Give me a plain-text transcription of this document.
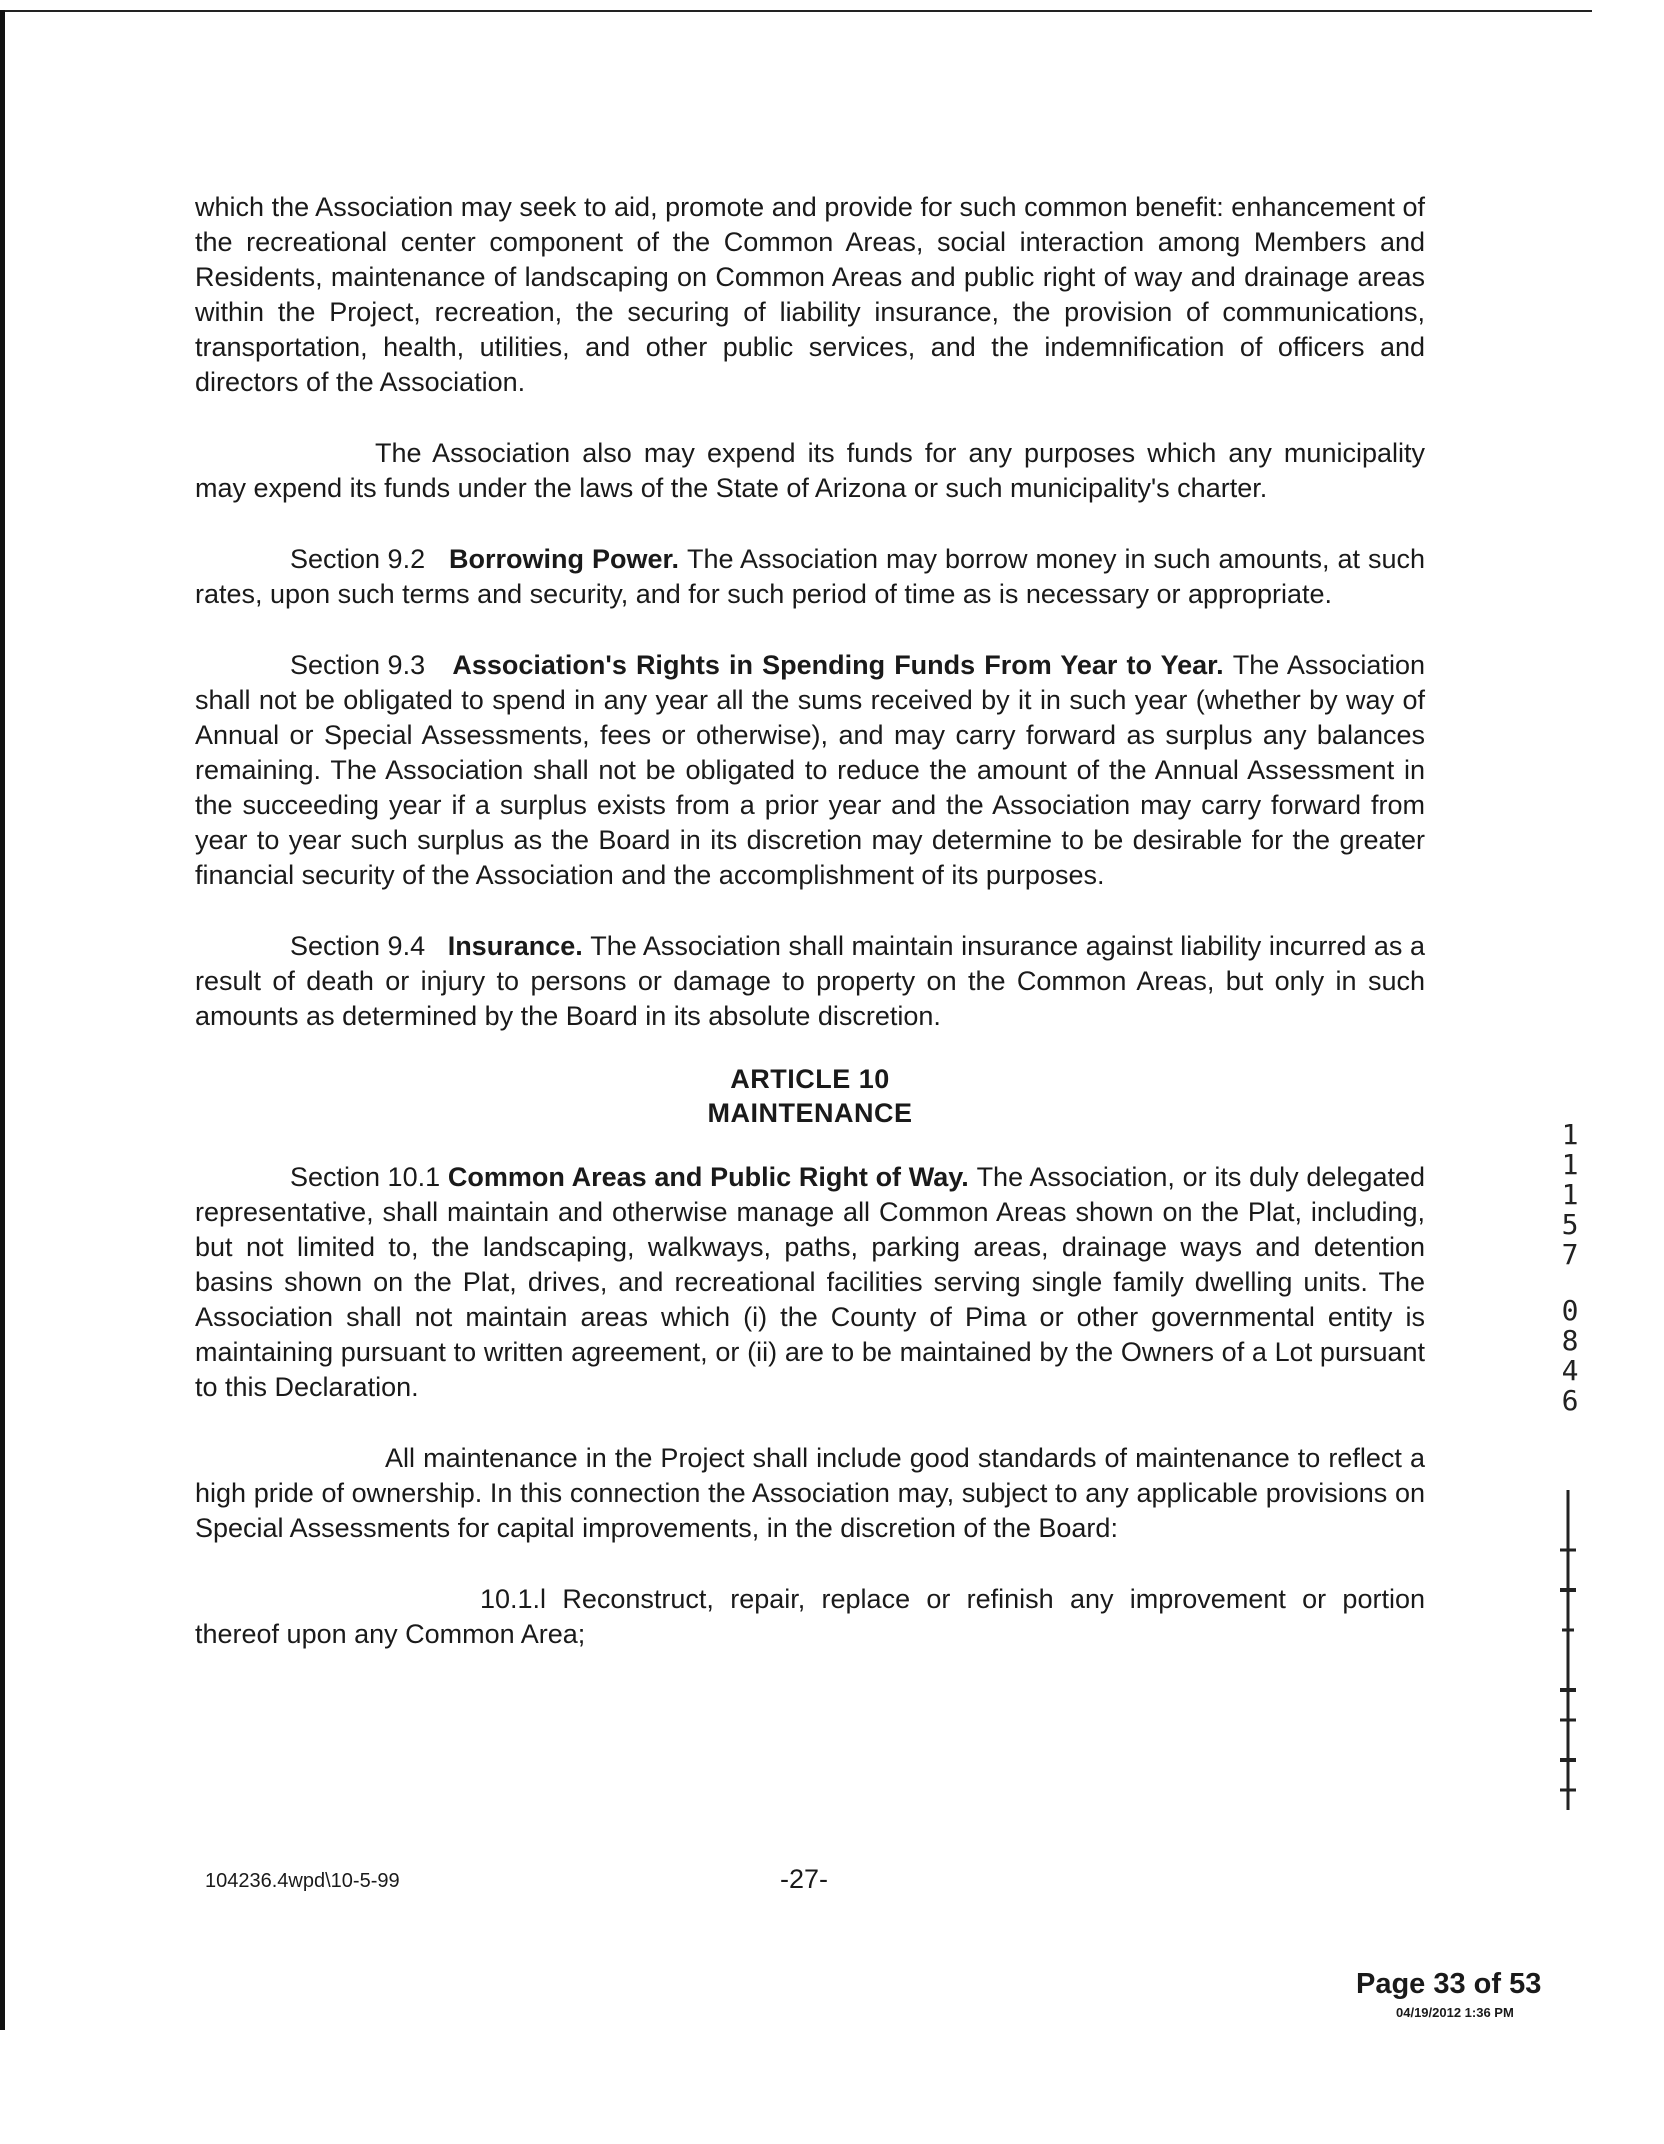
which the Association may seek to aid, promote and provide for such common benefit: enhancement of the recreational center component of the Common Areas, social interaction among Members and Residents, maintenance of landscaping on Common Areas and public right of way and drainage areas within the Project, recreation, the securing of liability insurance, the provision of communications, transportation, health, utilities, and other public services, and the indemnification of officers and directors of the Association.

The Association also may expend its funds for any purposes which any municipality may expend its funds under the laws of the State of Arizona or such municipality's charter.

Section 9.2 Borrowing Power. The Association may borrow money in such amounts, at such rates, upon such terms and security, and for such period of time as is necessary or appropriate.

Section 9.3 Association's Rights in Spending Funds From Year to Year. The Association shall not be obligated to spend in any year all the sums received by it in such year (whether by way of Annual or Special Assessments, fees or otherwise), and may carry forward as surplus any balances remaining. The Association shall not be obligated to reduce the amount of the Annual Assessment in the succeeding year if a surplus exists from a prior year and the Association may carry forward from year to year such surplus as the Board in its discretion may determine to be desirable for the greater financial security of the Association and the accomplishment of its purposes.

Section 9.4 Insurance. The Association shall maintain insurance against liability incurred as a result of death or injury to persons or damage to property on the Common Areas, but only in such amounts as determined by the Board in its absolute discretion.

ARTICLE 10
MAINTENANCE

Section 10.1 Common Areas and Public Right of Way. The Association, or its duly delegated representative, shall maintain and otherwise manage all Common Areas shown on the Plat, including, but not limited to, the landscaping, walkways, paths, parking areas, drainage ways and detention basins shown on the Plat, drives, and recreational facilities serving single family dwelling units. The Association shall not maintain areas which (i) the County of Pima or other governmental entity is maintaining pursuant to written agreement, or (ii) are to be maintained by the Owners of a Lot pursuant to this Declaration.

All maintenance in the Project shall include good standards of maintenance to reflect a high pride of ownership. In this connection the Association may, subject to any applicable provisions on Special Assessments for capital improvements, in the discretion of the Board:

10.1.l Reconstruct, repair, replace or refinish any improvement or portion thereof upon any Common Area;

104236.4wpd\10-5-99	-27-
1
1
1
5
7
0
8
4
6
Page 33 of 53
04/19/2012 1:36 PM
